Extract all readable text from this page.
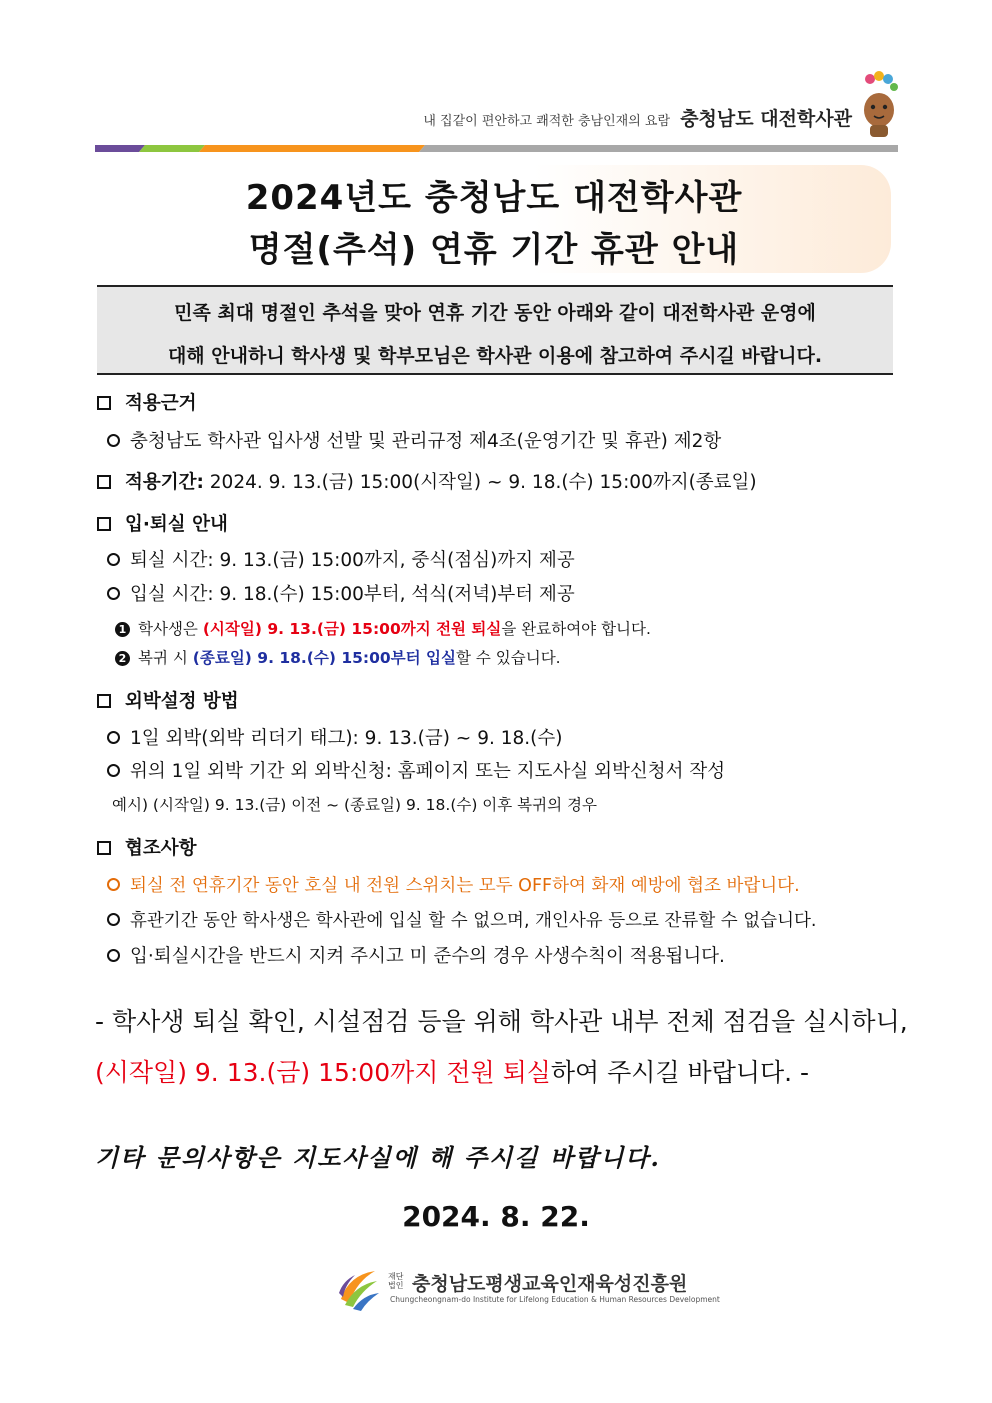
내 집같이 편안하고 쾌적한 충남인재의 요람 충청남도 대전학사관
2024년도 충청남도 대전학사관
명절(추석) 연휴 기간 휴관 안내
민족 최대 명절인 추석을 맞아 연휴 기간 동안 아래와 같이 대전학사관 운영에
대해 안내하니 학사생 및 학부모님은 학사관 이용에 참고하여 주시길 바랍니다.
적용근거
충청남도 학사관 입사생 선발 및 관리규정 제4조(운영기간 및 휴관) 제2항
적용기간: 2024. 9. 13.(금) 15:00(시작일) ~ 9. 18.(수) 15:00까지(종료일)
입·퇴실 안내
퇴실 시간: 9. 13.(금) 15:00까지, 중식(점심)까지 제공
입실 시간: 9. 18.(수) 15:00부터, 석식(저녁)부터 제공
1 학사생은 (시작일) 9. 13.(금) 15:00까지 전원 퇴실을 완료하여야 합니다.
2 복귀 시 (종료일) 9. 18.(수) 15:00부터 입실할 수 있습니다.
외박설정 방법
1일 외박(외박 리더기 태그): 9. 13.(금) ~ 9. 18.(수)
위의 1일 외박 기간 외 외박신청: 홈페이지 또는 지도사실 외박신청서 작성
예시) (시작일) 9. 13.(금) 이전 ~ (종료일) 9. 18.(수) 이후 복귀의 경우
협조사항
퇴실 전 연휴기간 동안 호실 내 전원 스위치는 모두 OFF하여 화재 예방에 협조 바랍니다.
휴관기간 동안 학사생은 학사관에 입실 할 수 없으며, 개인사유 등으로 잔류할 수 없습니다.
입·퇴실시간을 반드시 지켜 주시고 미 준수의 경우 사생수칙이 적용됩니다.
- 학사생 퇴실 확인, 시설점검 등을 위해 학사관 내부 전체 점검을 실시하니,
(시작일) 9. 13.(금) 15:00까지 전원 퇴실하여 주시길 바랍니다. -
기타 문의사항은 지도사실에 해 주시길 바랍니다.
2024. 8. 22.
재단
법인 충청남도평생교육인재육성진흥원
Chungcheongnam-do Institute for Lifelong Education & Human Resources Development
